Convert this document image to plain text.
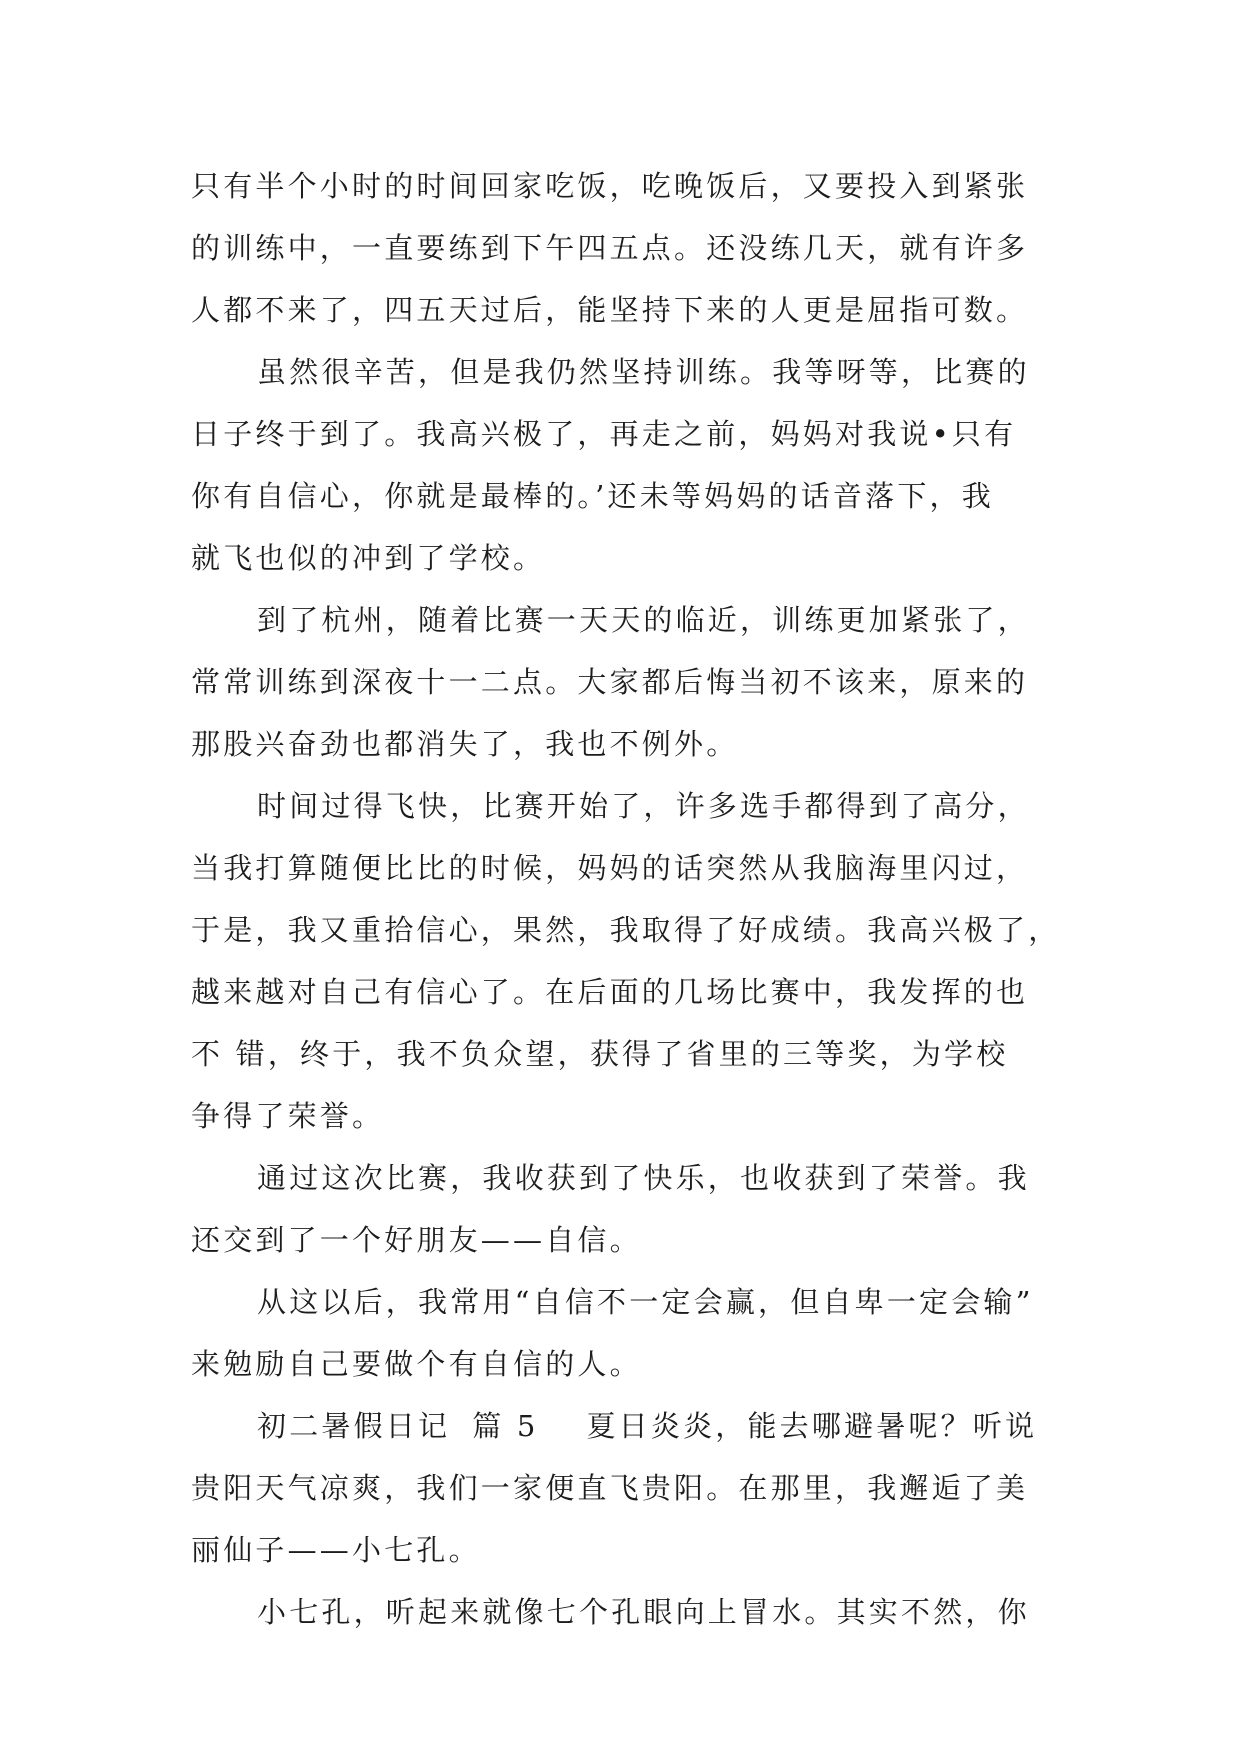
只有半个小时的时间回家吃饭，吃晚饭后，又要投入到紧张
的训练中，一直要练到下午四五点。还没练几天，就有许多
人都不来了，四五天过后，能坚持下来的人更是屈指可数。
虽然很辛苦，但是我仍然坚持训练。我等呀等，比赛的
日子终于到了。我高兴极了，再走之前，妈妈对我说•只有
你有自信心，你就是最棒的。’还未等妈妈的话音落下，我
就飞也似的冲到了学校。
到了杭州，随着比赛一天天的临近，训练更加紧张了，
常常训练到深夜十一二点。大家都后悔当初不该来，原来的
那股兴奋劲也都消失了，我也不例外。
时间过得飞快，比赛开始了，许多选手都得到了高分，
当我打算随便比比的时候，妈妈的话突然从我脑海里闪过，
于是，我又重拾信心，果然，我取得了好成绩。我高兴极了，
越来越对自己有信心了。在后面的几场比赛中，我发挥的也
不 错，终于，我不负众望，获得了省里的三等奖，为学校
争得了荣誉。
通过这次比赛，我收获到了快乐，也收获到了荣誉。我
还交到了一个好朋友——自信。
从这以后，我常用“自信不一定会赢，但自卑一定会输”
来勉励自己要做个有自信的人。
初二暑假日记 篇 5 夏日炎炎，能去哪避暑呢？听说
贵阳天气凉爽，我们一家便直飞贵阳。在那里，我邂逅了美
丽仙子——小七孔。
小七孔，听起来就像七个孔眼向上冒水。其实不然，你
